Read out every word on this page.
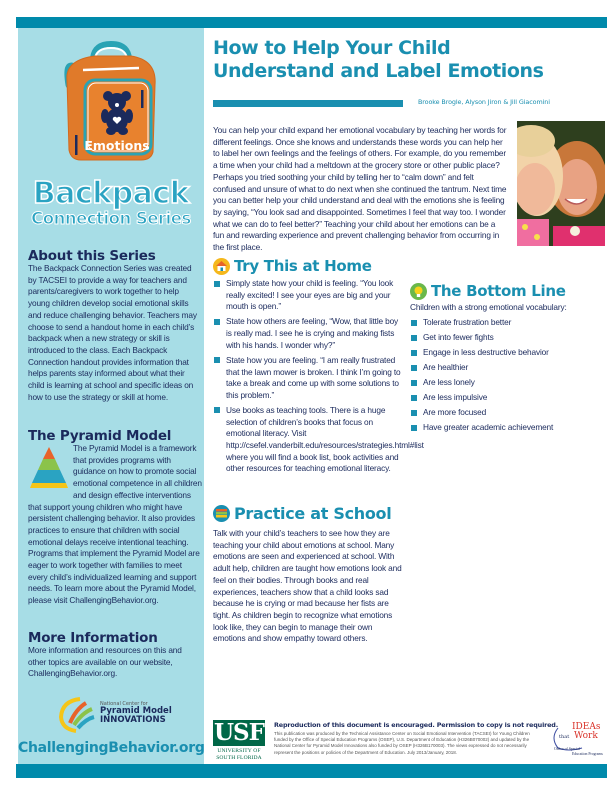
Emotions
Backpack
Connection Series
About this Series
The Backpack Connection Series was created by TACSEI to provide a way for teachers and parents/caregivers to work together to help young children develop social emotional skills and reduce challenging behavior. Teachers may choose to send a handout home in each child’s backpack when a new strategy or skill is introduced to the class. Each Backpack Connection handout provides information that helps parents stay informed about what their child is learning at school and specific ideas on how to use the strategy or skill at home.
The Pyramid Model
The Pyramid Model is a framework that provides programs with guidance on how to promote social emotional competence in all children and design effective interventions that support young children who might have persistent challenging behavior. It also provides practices to ensure that children with social emotional delays receive intentional teaching. Programs that implement the Pyramid Model are eager to work together with families to meet every child’s individualized learning and support needs. To learn more about the Pyramid Model, please visit ChallengingBehavior.org.
More Information
More information and resources on this and other topics are available on our website, ChallengingBehavior.org.
National Center for
Pyramid Model
INNOVATIONS
ChallengingBehavior.org
How to Help Your Child
Understand and Label Emotions
Brooke Brogle, Alyson Jiron & Jill Giacomini
You can help your child expand her emotional vocabulary by teaching her words for different feelings. Once she knows and understands these words you can help her to label her own feelings and the feelings of others. For example, do you remember a time when your child had a meltdown at the grocery store or other public place? Perhaps you tried soothing your child by telling her to “calm down” and felt confused and unsure of what to do next when she continued the tantrum. Next time you can better help your child understand and deal with the emotions she is feeling by saying, “You look sad and disappointed. Sometimes I feel that way too. I wonder what we can do to feel better?” Teaching your child about her emotions can be a fun and rewarding experience and prevent challenging behavior from occurring in the first place.
Try This at Home
Simply state how your child is feeling. “You look really excited! I see your eyes are big and your mouth is open.”
State how others are feeling, “Wow, that little boy is really mad. I see he is crying and making fists with his hands. I wonder why?”
State how you are feeling. “I am really frustrated that the lawn mower is broken. I think I’m going to take a break and come up with some solutions to this problem.”
Use books as teaching tools. There is a huge selection of children’s books that focus on emotional literacy. Visit http://csefel.vanderbilt.edu/resources/strategies.html#list where you will find a book list, book activities and other resources for teaching emotional literacy.
Practice at School
Talk with your child’s teachers to see how they are teaching your child about emotions at school. Many emotions are seen and experienced at school. With adult help, children are taught how emotions look and feel on their bodies. Through books and real experiences, teachers show that a child looks sad because he is crying or mad because her fists are tight. As children begin to recognize what emotions look like, they can begin to manage their own emotions and show empathy toward others.
The Bottom Line
Children with a strong emotional vocabulary:
Tolerate frustration better
Get into fewer fights
Engage in less destructive behavior
Are healthier
Are less lonely
Are less impulsive
Are more focused
Have greater academic achievement
USF
UNIVERSITY OF
SOUTH FLORIDA
Reproduction of this document is encouraged. Permission to copy is not required.
This publication was produced by the Technical Assistance Center on Social Emotional Intervention (TACSEI) for Young Children funded by the Office of Special Education Programs (OSEP), U.S. Department of Education (H326B070002) and updated by the National Center for Pyramid Model Innovations also funded by OSEP (H326B170003). The views expressed do not necessarily represent the positions or policies of the Department of Education. July 2013/January, 2018.
IDEAs
that Work
Office of Special
Education Programs
